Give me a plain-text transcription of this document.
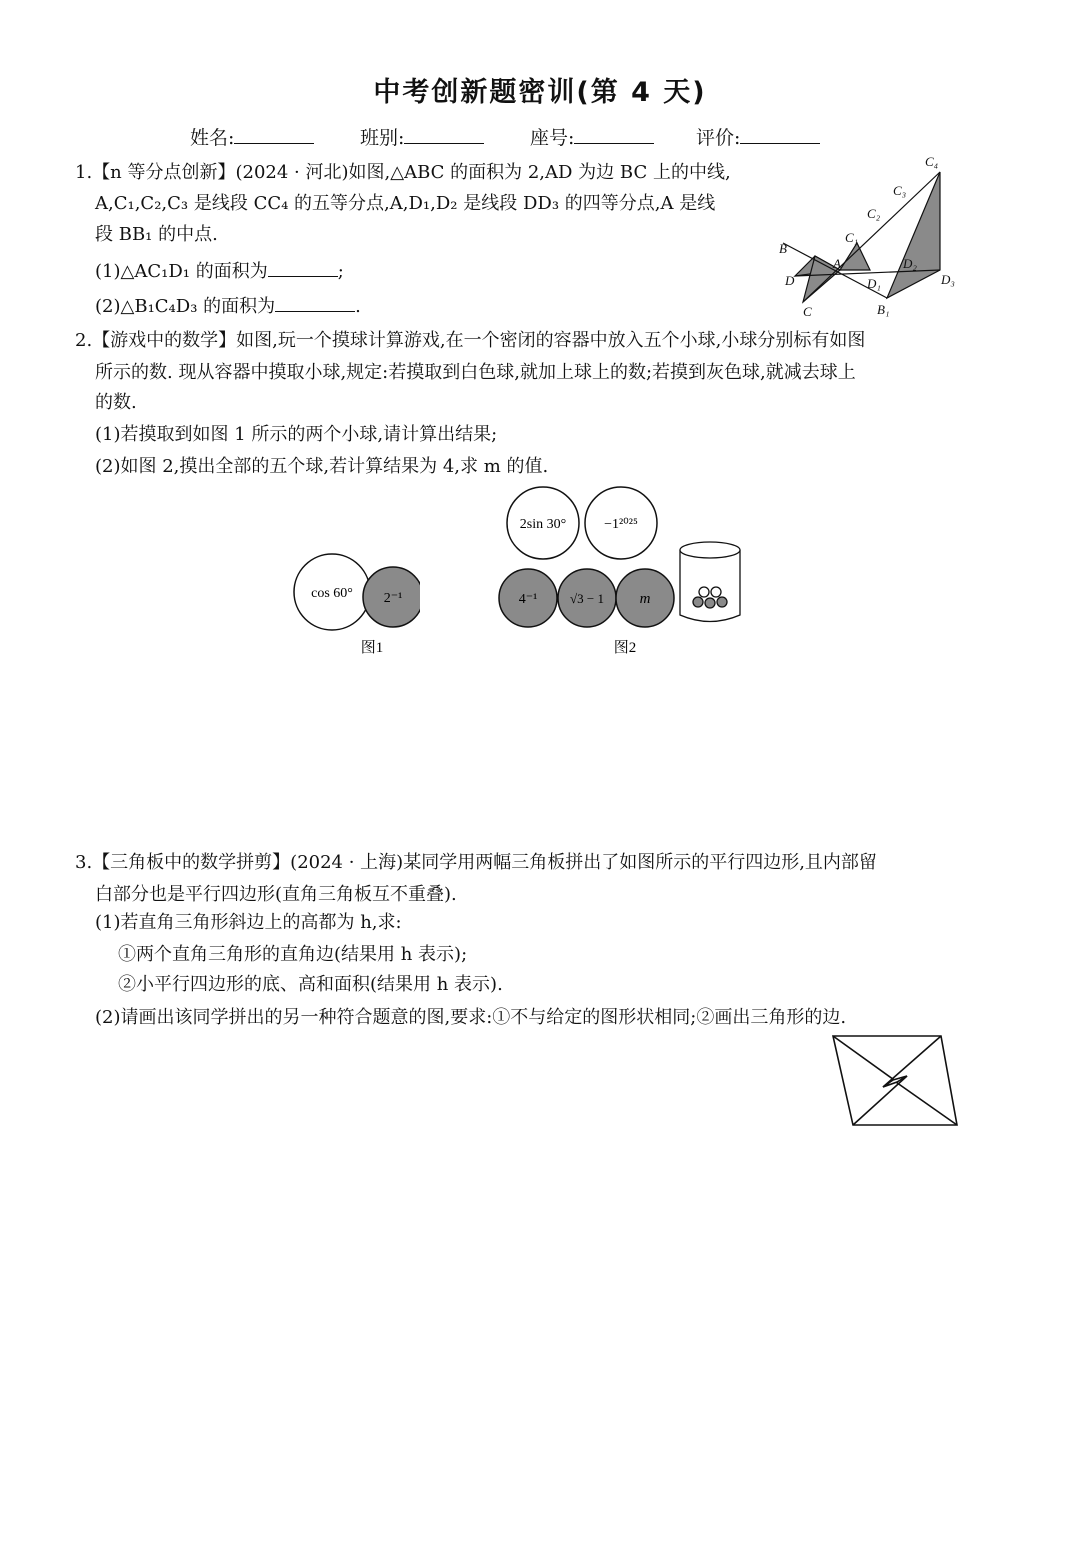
中考创新题密训(第 4 天)
姓名:	班别:	座号:	评价:
1.【n 等分点创新】(2024 · 河北)如图,△ABC 的面积为 2,AD 为边 BC 上的中线,
A,C₁,C₂,C₃ 是线段 CC₄ 的五等分点,A,D₁,D₂ 是线段 DD₃ 的四等分点,A 是线
段 BB₁ 的中点.
(1)△AC₁D₁ 的面积为	;
(2)△B₁C₄D₃ 的面积为	.
C₄
C₃
C₂
C₁
B
A	D₂
D	D₁	D₃
C	B₁
2.【游戏中的数学】如图,玩一个摸球计算游戏,在一个密闭的容器中放入五个小球,小球分别标有如图
所示的数. 现从容器中摸取小球,规定:若摸取到白色球,就加上球上的数;若摸到灰色球,就减去球上
的数.
(1)若摸取到如图 1 所示的两个小球,请计算出结果;
(2)如图 2,摸出全部的五个球,若计算结果为 4,求 m 的值.
cos 60° 2⁻¹
图1
2sin 30°	−1²⁰²⁵
4⁻¹	√3 − 1 m
图2
3.【三角板中的数学拼剪】(2024 · 上海)某同学用两幅三角板拼出了如图所示的平行四边形,且内部留
白部分也是平行四边形(直角三角板互不重叠).
(1)若直角三角形斜边上的高都为 h,求:
①两个直角三角形的直角边(结果用 h 表示);
②小平行四边形的底、高和面积(结果用 h 表示).
(2)请画出该同学拼出的另一种符合题意的图,要求:①不与给定的图形状相同;②画出三角形的边.
